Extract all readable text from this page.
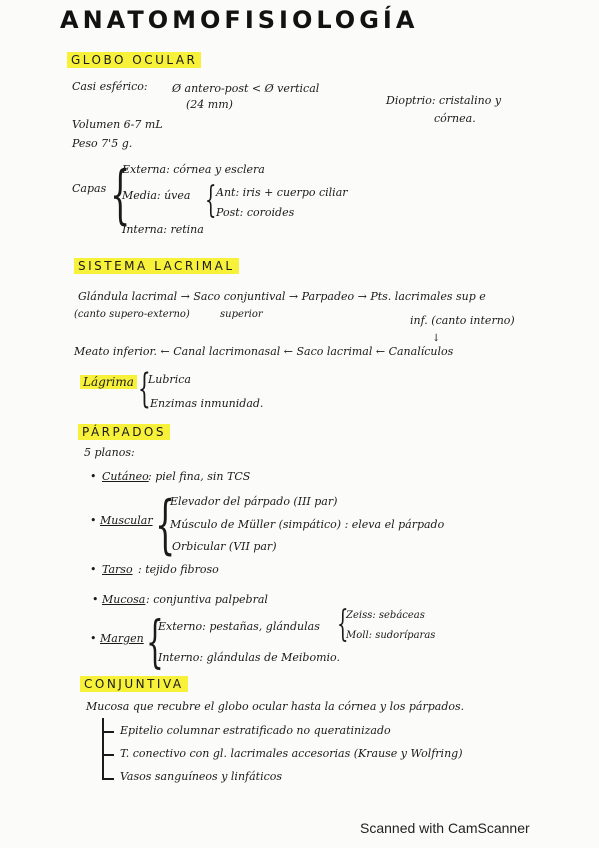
ANATOMOFISIOLOGÍA
GLOBO OCULAR
Casi esférico: Ø antero-post < Ø vertical
(24 mm)	Dioptrio: cristalino y
córnea.
Volumen 6-7 mL
Peso 7'5 g.
Capas {
Externa: córnea y esclera
Media: úvea { Ant: iris + cuerpo ciliar
Post: coroides
Interna: retina
SISTEMA LACRIMAL
Glándula lacrimal → Saco conjuntival → Parpadeo → Pts. lacrimales sup e
(canto supero-externo)	superior	inf. (canto interno)
↓
Meato inferior. ← Canal lacrimonasal ← Saco lacrimal ← Canalículos
Lágrima {
Lubrica
Enzimas inmunidad.
PÁRPADOS
5 planos:
• Cutáneo : piel fina, sin TCS
• Muscular {
Elevador del párpado (III par)
Músculo de Müller (simpático) : eleva el párpado
Orbicular (VII par)
• Tarso : tejido fibroso
• Mucosa : conjuntiva palpebral
• Margen {
Externo: pestañas, glándulas {
Zeiss: sebáceas
Moll: sudoríparas
Interno: glándulas de Meibomio.
CONJUNTIVA
Mucosa que recubre el globo ocular hasta la córnea y los párpados.
Epitelio columnar estratificado no queratinizado
T. conectivo con gl. lacrimales accesorias (Krause y Wolfring)
Vasos sanguíneos y linfáticos
Scanned with CamScanner
